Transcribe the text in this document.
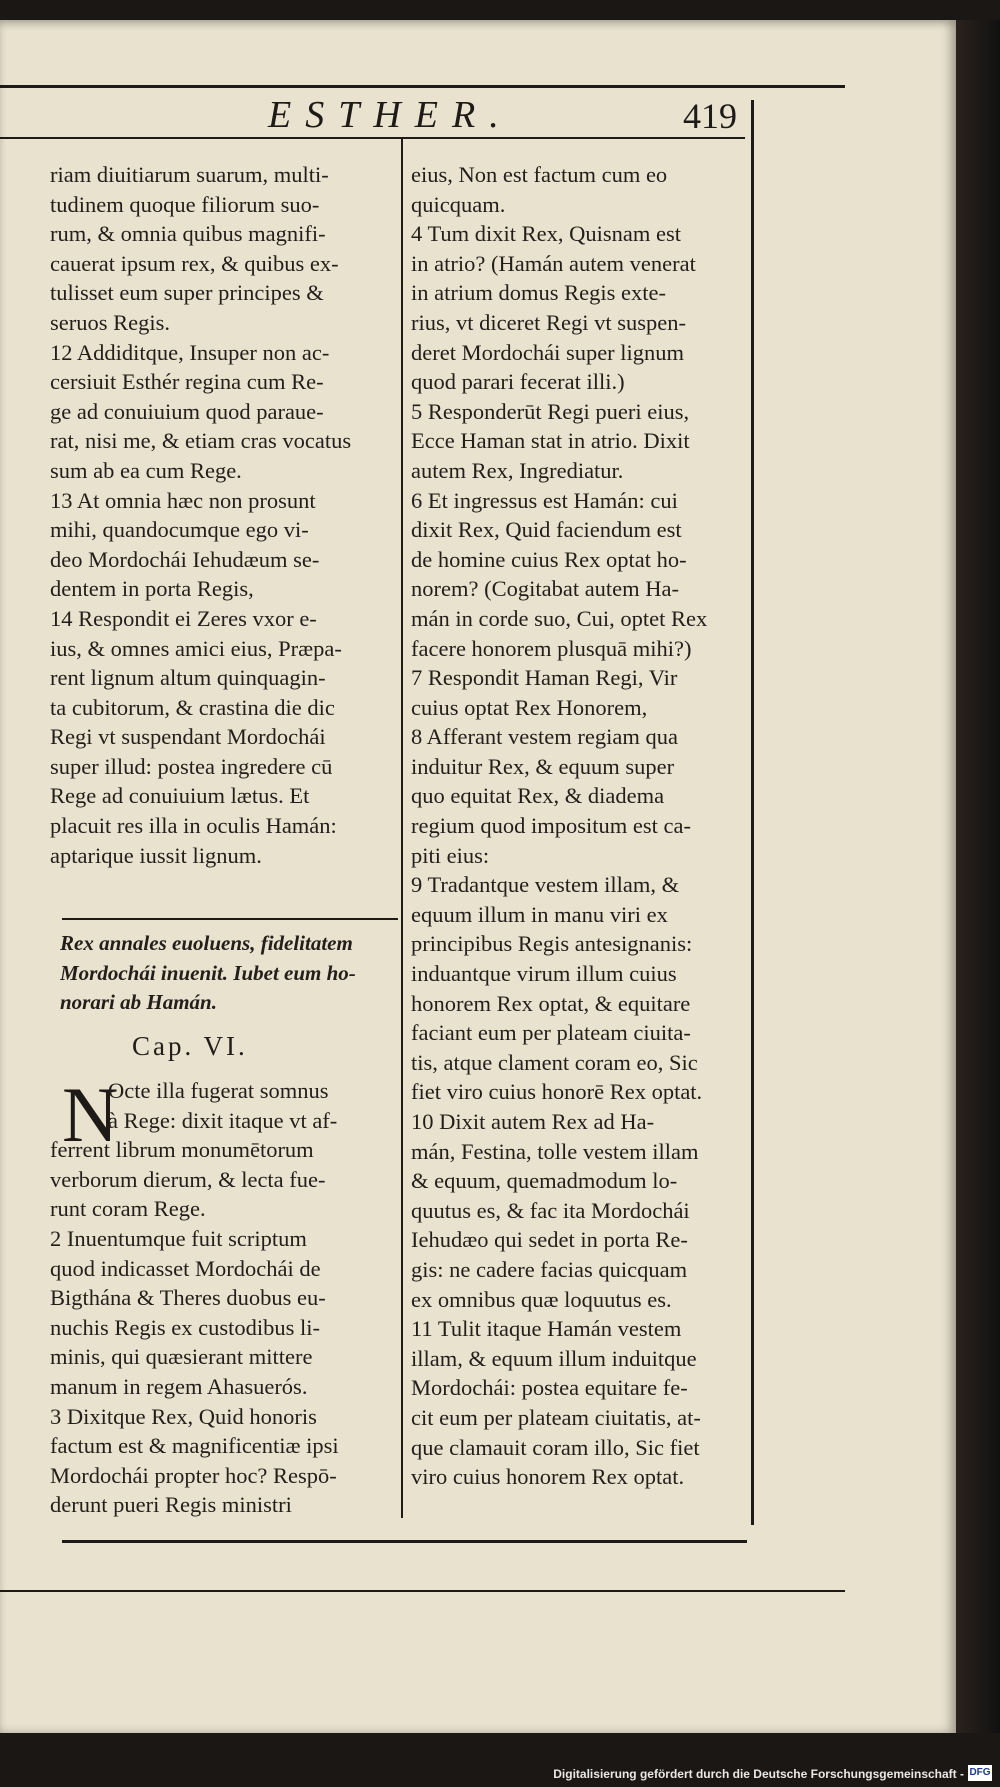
ESTHER.	419
riam diuitiarum suarum, multi-
tudinem quoque filiorum suo-
rum, & omnia quibus magnifi-
cauerat ipsum rex, & quibus ex-
tulisset eum super principes &
seruos Regis.
12 Addiditque, Insuper non ac-
cersiuit Esthér regina cum Re-
ge ad conuiuium quod paraue-
rat, nisi me, & etiam cras vocatus
sum ab ea cum Rege.
13 At omnia hæc non prosunt
mihi, quandocumque ego vi-
deo Mordochái Iehudæum se-
dentem in porta Regis,
14 Respondit ei Zeres vxor e-
ius, & omnes amici eius, Præpa-
rent lignum altum quinquagin-
ta cubitorum, & crastina die dic
Regi vt suspendant Mordochái
super illud: postea ingredere cū
Rege ad conuiuium lætus. Et
placuit res illa in oculis Hamán:
aptarique iussit lignum.
Rex annales euoluens, fidelitatem
Mordochái inuenit. Iubet eum ho-
norari ab Hamán.
Cap. VI.
N
Octe illa fugerat somnus
à Rege: dixit itaque vt af-
ferrent librum monumētorum
verborum dierum, & lecta fue-
runt coram Rege.
2 Inuentumque fuit scriptum
quod indicasset Mordochái de
Bigthána & Theres duobus eu-
nuchis Regis ex custodibus li-
minis, qui quæsierant mittere
manum in regem Ahasuerós.
3 Dixitque Rex, Quid honoris
factum est & magnificentiæ ipsi
Mordochái propter hoc? Respō-
derunt pueri Regis ministri
eius, Non est factum cum eo
quicquam.
4 Tum dixit Rex, Quisnam est
in atrio? (Hamán autem venerat
in atrium domus Regis exte-
rius, vt diceret Regi vt suspen-
deret Mordochái super lignum
quod parari fecerat illi.)
5 Responderūt Regi pueri eius,
Ecce Haman stat in atrio. Dixit
autem Rex, Ingrediatur.
6 Et ingressus est Hamán: cui
dixit Rex, Quid faciendum est
de homine cuius Rex optat ho-
norem? (Cogitabat autem Ha-
mán in corde suo, Cui, optet Rex
facere honorem plusquā mihi?)
7 Respondit Haman Regi, Vir
cuius optat Rex Honorem,
8 Afferant vestem regiam qua
induitur Rex, & equum super
quo equitat Rex, & diadema
regium quod impositum est ca-
piti eius:
9 Tradantque vestem illam, &
equum illum in manu viri ex
principibus Regis antesignanis:
induantque virum illum cuius
honorem Rex optat, & equitare
faciant eum per plateam ciuita-
tis, atque clament coram eo, Sic
fiet viro cuius honorē Rex optat.
10 Dixit autem Rex ad Ha-
mán, Festina, tolle vestem illam
& equum, quemadmodum lo-
quutus es, & fac ita Mordochái
Iehudæo qui sedet in porta Re-
gis: ne cadere facias quicquam
ex omnibus quæ loquutus es.
11 Tulit itaque Hamán vestem
illam, & equum illum induitque
Mordochái: postea equitare fe-
cit eum per plateam ciuitatis, at-
que clamauit coram illo, Sic fiet
viro cuius honorem Rex optat.
Digitalisierung gefördert durch die Deutsche Forschungsgemeinschaft - DFG
